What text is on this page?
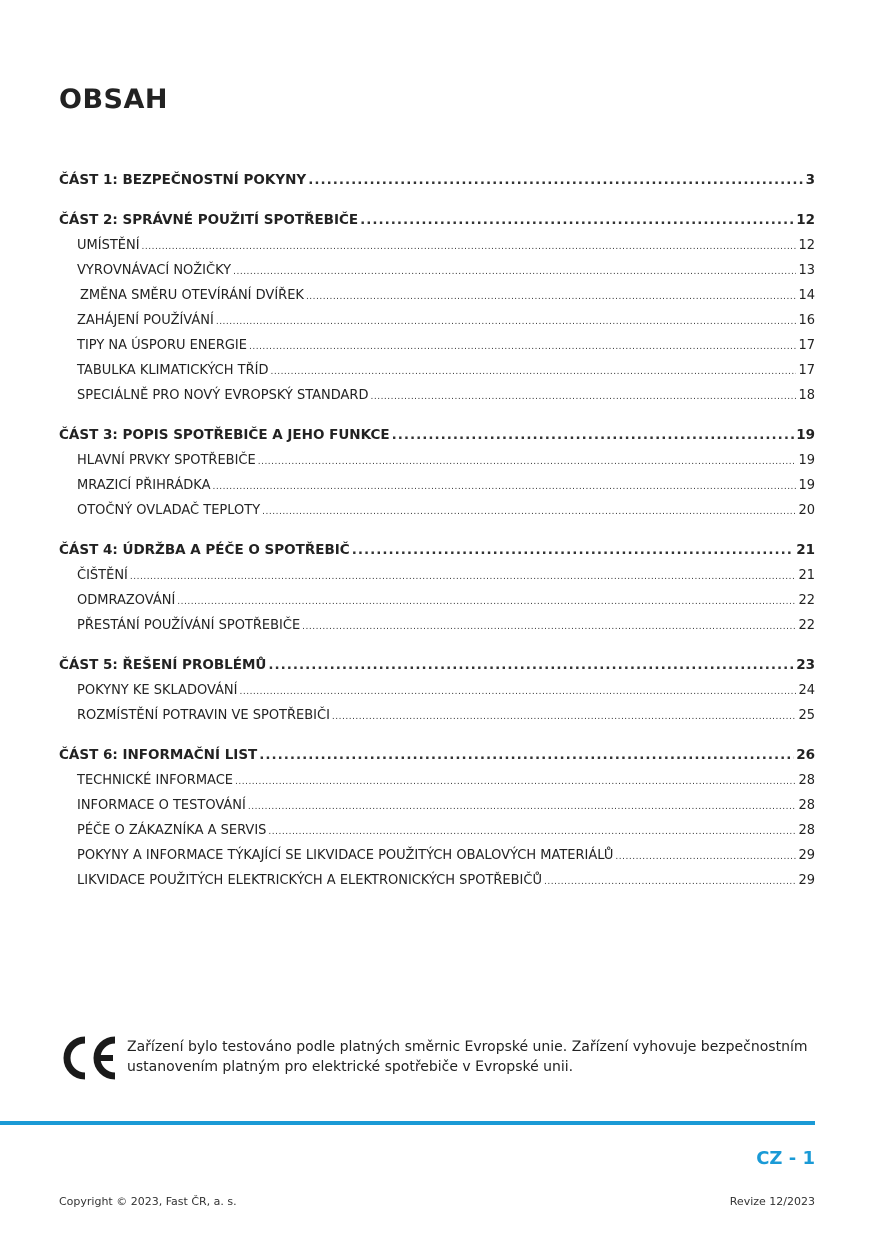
OBSAH
ČÁST 1: BEZPEČNOSTNÍ POKYNY .....	3
ČÁST 2: SPRÁVNÉ POUŽITÍ SPOTŘEBIČE .....	12
UMÍSTĚNÍ .....	12
VYROVNÁVACÍ NOŽIČKY .....	13
ZMĚNA SMĚRU OTEVÍRÁNÍ DVÍŘEK .....	14
ZAHÁJENÍ POUŽÍVÁNÍ .....	16
TIPY NA ÚSPORU ENERGIE .....	17
TABULKA KLIMATICKÝCH TŘÍD .....	17
SPECIÁLNĚ PRO NOVÝ EVROPSKÝ STANDARD .....	18
ČÁST 3: POPIS SPOTŘEBIČE A JEHO FUNKCE .....	19
HLAVNÍ PRVKY SPOTŘEBIČE .....	19
MRAZICÍ PŘIHRÁDKA .....	19
OTOČNÝ OVLADAČ TEPLOTY .....	20
ČÁST 4: ÚDRŽBA A PÉČE O SPOTŘEBIČ .....	21
ČIŠTĚNÍ .....	21
ODMRAZOVÁNÍ .....	22
PŘESTÁNÍ POUŽÍVÁNÍ SPOTŘEBIČE .....	22
ČÁST 5: ŘEŠENÍ PROBLÉMŮ .....	23
POKYNY KE SKLADOVÁNÍ .....	24
ROZMÍSTĚNÍ POTRAVIN VE SPOTŘEBIČI .....	25
ČÁST 6: INFORMAČNÍ LIST .....	26
TECHNICKÉ INFORMACE .....	28
INFORMACE O TESTOVÁNÍ .....	28
PÉČE O ZÁKAZNÍKA A SERVIS .....	28
POKYNY A INFORMACE TÝKAJÍCÍ SE LIKVIDACE POUŽITÝCH OBALOVÝCH MATERIÁLŮ .....	29
LIKVIDACE POUŽITÝCH ELEKTRICKÝCH A ELEKTRONICKÝCH SPOTŘEBIČŮ .....	29
Zařízení bylo testováno podle platných směrnic Evropské unie. Zařízení vyhovuje bezpečnostním ustanovením platným pro elektrické spotřebiče v Evropské unii.
CZ - 1
Copyright © 2023, Fast ČR, a. s.	Revize 12/2023
